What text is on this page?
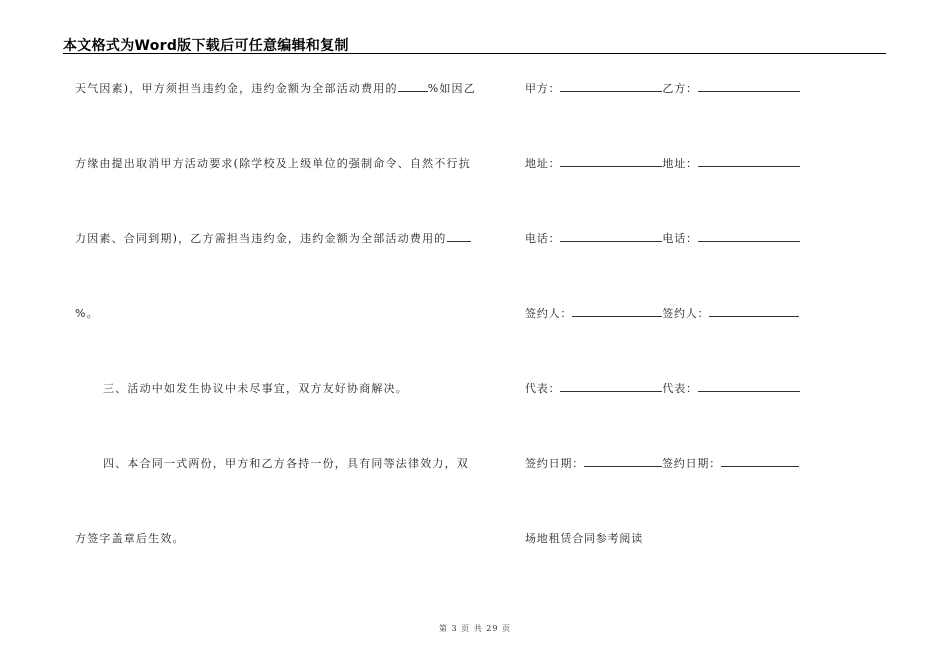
本文格式为Word版下载后可任意编辑和复制
天气因素)，甲方须担当违约金，违约金额为全部活动费用的	%如因乙
方缘由提出取消甲方活动要求(除学校及上级单位的强制命令、自然不行抗
力因素、合同到期)，乙方需担当违约金，违约金额为全部活动费用的
%。
三、活动中如发生协议中未尽事宜，双方友好协商解决。
四、本合同一式两份，甲方和乙方各持一份，具有同等法律效力，双
方签字盖章后生效。
甲方：	乙方：
地址：	地址：
电话：	电话：
签约人：	签约人：
代表：	代表：
签约日期：	签约日期：
场地租赁合同参考阅读
第 3 页 共 29 页
